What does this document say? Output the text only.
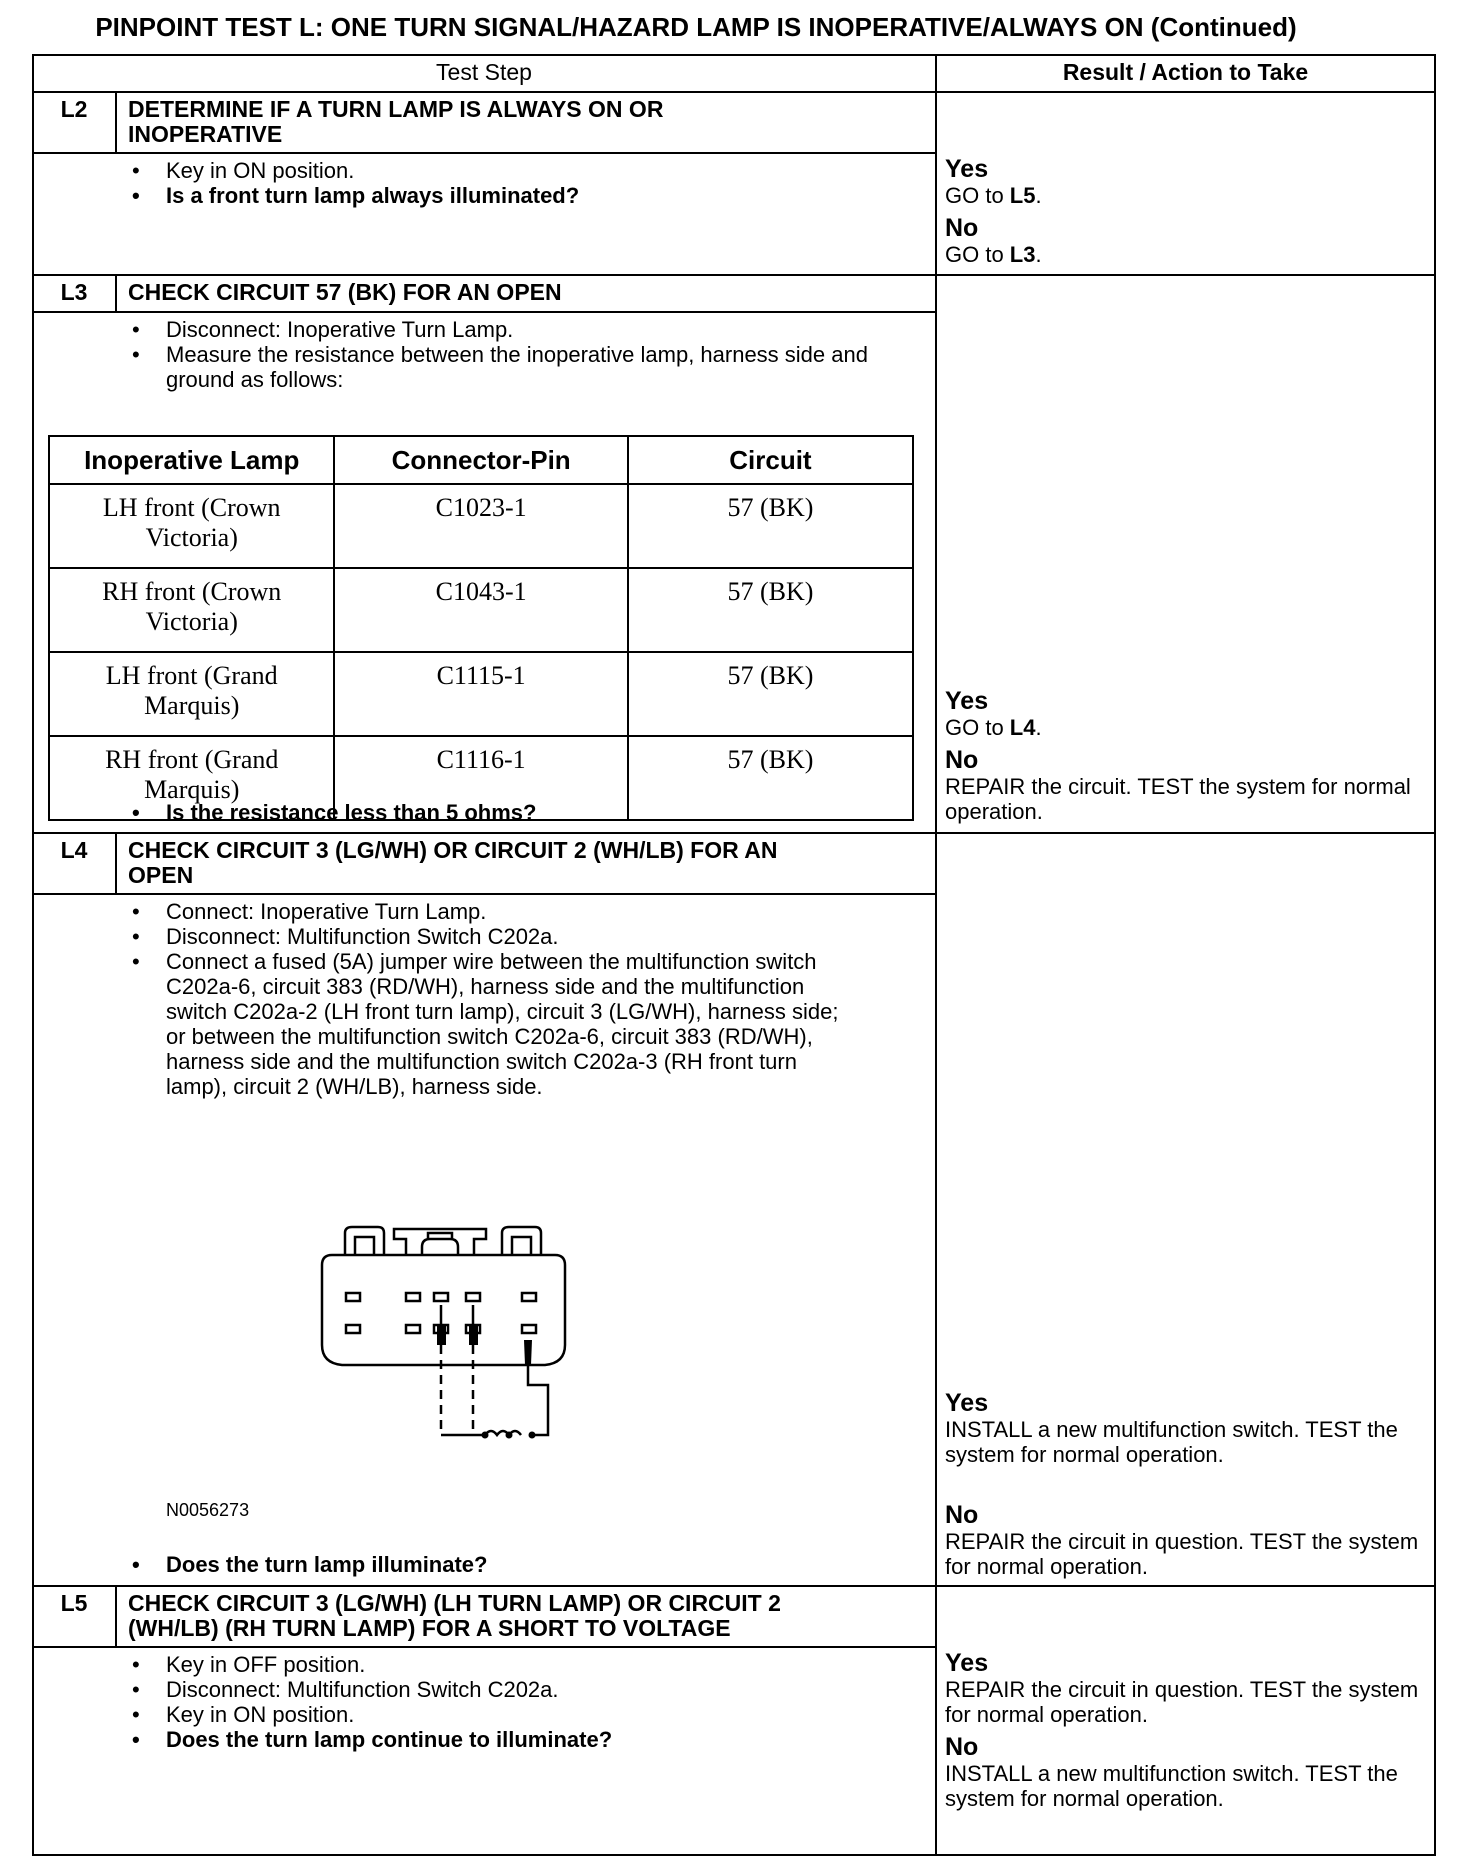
PINPOINT TEST L: ONE TURN SIGNAL/HAZARD LAMP IS INOPERATIVE/ALWAYS ON (Continued)
Test Step	Result / Action to Take
L2	DETERMINE IF A TURN LAMP IS ALWAYS ON OR
INOPERATIVE
• Key in ON position.
• Is a front turn lamp always illuminated?
Yes
GO to L5.
No
GO to L3.
L3	CHECK CIRCUIT 57 (BK) FOR AN OPEN
• Disconnect: Inoperative Turn Lamp.
• Measure the resistance between the inoperative lamp, harness side and ground as follows:
Inoperative Lamp	Connector-Pin	Circuit
LH front (Crown Victoria)	C1023-1	57 (BK)
RH front (Crown Victoria)	C1043-1	57 (BK)
LH front (Grand Marquis)	C1115-1	57 (BK)
RH front (Grand Marquis)	C1116-1	57 (BK)
• Is the resistance less than 5 ohms?
Yes
GO to L4.
No
REPAIR the circuit. TEST the system for normal operation.
L4	CHECK CIRCUIT 3 (LG/WH) OR CIRCUIT 2 (WH/LB) FOR AN
OPEN
• Connect: Inoperative Turn Lamp.
• Disconnect: Multifunction Switch C202a.
• Connect a fused (5A) jumper wire between the multifunction switch C202a-6, circuit 383 (RD/WH), harness side and the multifunction switch C202a-2 (LH front turn lamp), circuit 3 (LG/WH), harness side; or between the multifunction switch C202a-6, circuit 383 (RD/WH), harness side and the multifunction switch C202a-3 (RH front turn lamp), circuit 2 (WH/LB), harness side.
N0056273
• Does the turn lamp illuminate?
Yes
INSTALL a new multifunction switch. TEST the system for normal operation.
No
REPAIR the circuit in question. TEST the system for normal operation.
L5	CHECK CIRCUIT 3 (LG/WH) (LH TURN LAMP) OR CIRCUIT 2
(WH/LB) (RH TURN LAMP) FOR A SHORT TO VOLTAGE
• Key in OFF position.
• Disconnect: Multifunction Switch C202a.
• Key in ON position.
• Does the turn lamp continue to illuminate?
Yes
REPAIR the circuit in question. TEST the system for normal operation.
No
INSTALL a new multifunction switch. TEST the system for normal operation.
